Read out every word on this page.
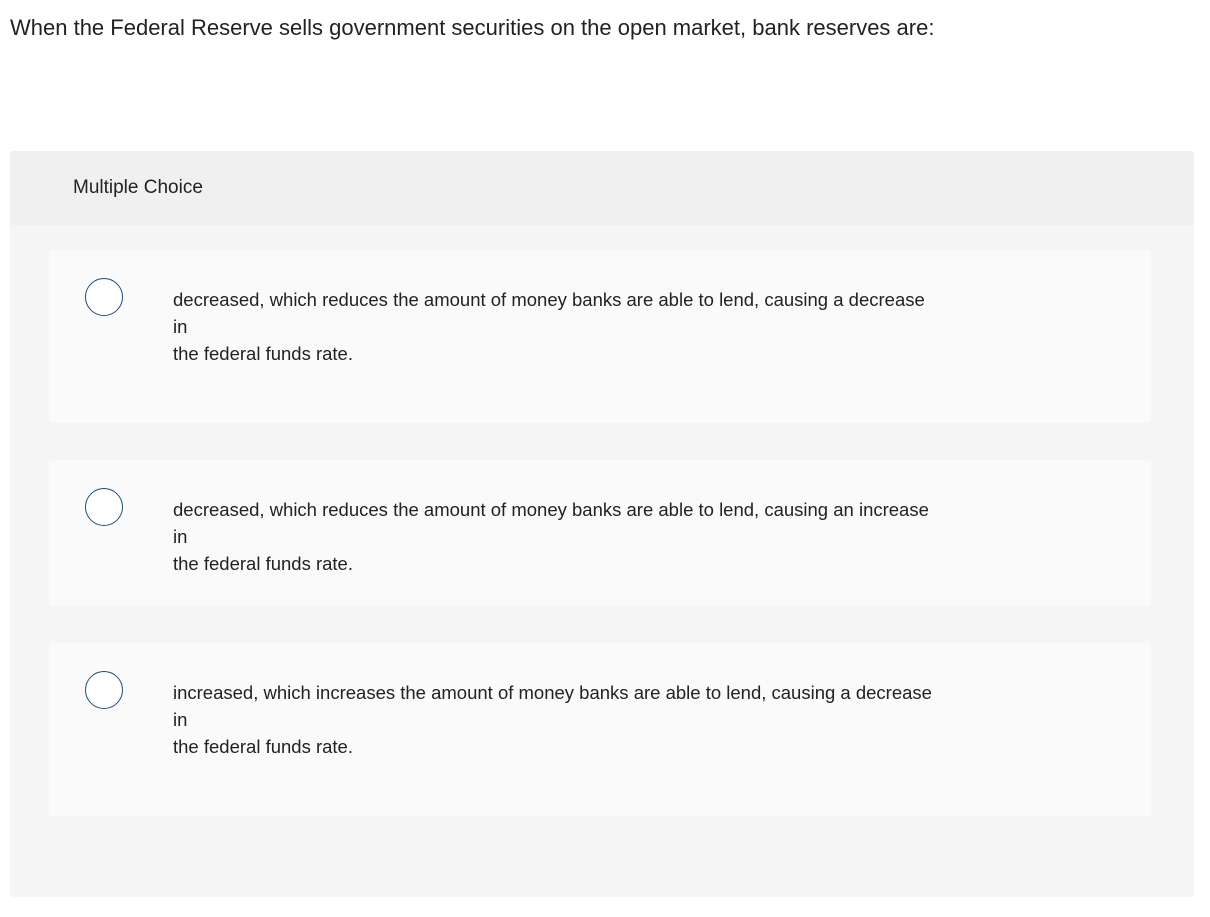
When the Federal Reserve sells government securities on the open market, bank reserves are:
Multiple Choice
decreased, which reduces the amount of money banks are able to lend, causing a decrease
in
the federal funds rate.
decreased, which reduces the amount of money banks are able to lend, causing an increase
in
the federal funds rate.
increased, which increases the amount of money banks are able to lend, causing a decrease
in
the federal funds rate.
